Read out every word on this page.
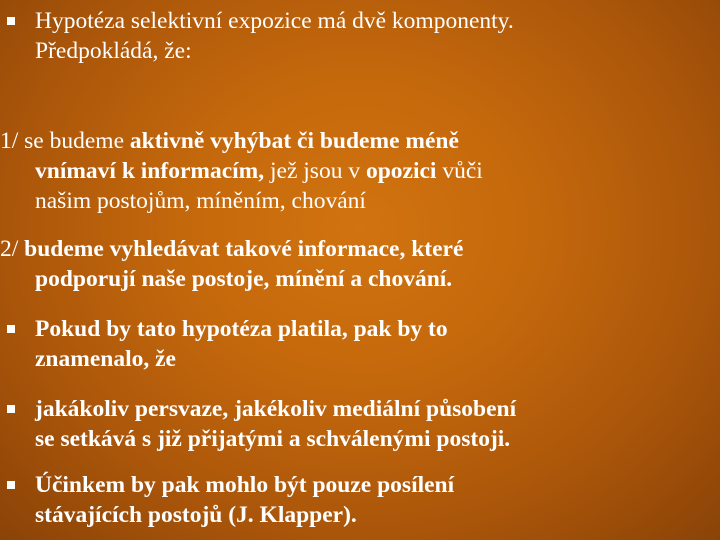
Hypotéza selektivní expozice má dvě komponenty.
Předpokládá, že:
1/ se budeme aktivně vyhýbat či budeme méně
vnímaví k informacím, jež jsou v opozici vůči
našim postojům, míněním, chování
2/ budeme vyhledávat takové informace, které
podporují naše postoje, mínění a chování.
Pokud by tato hypotéza platila, pak by to
znamenalo, že
jakákoliv persvaze, jakékoliv mediální působení
se setkává s již přijatými a schválenými postoji.
Účinkem by pak mohlo být pouze posílení
stávajících postojů (J. Klapper).
